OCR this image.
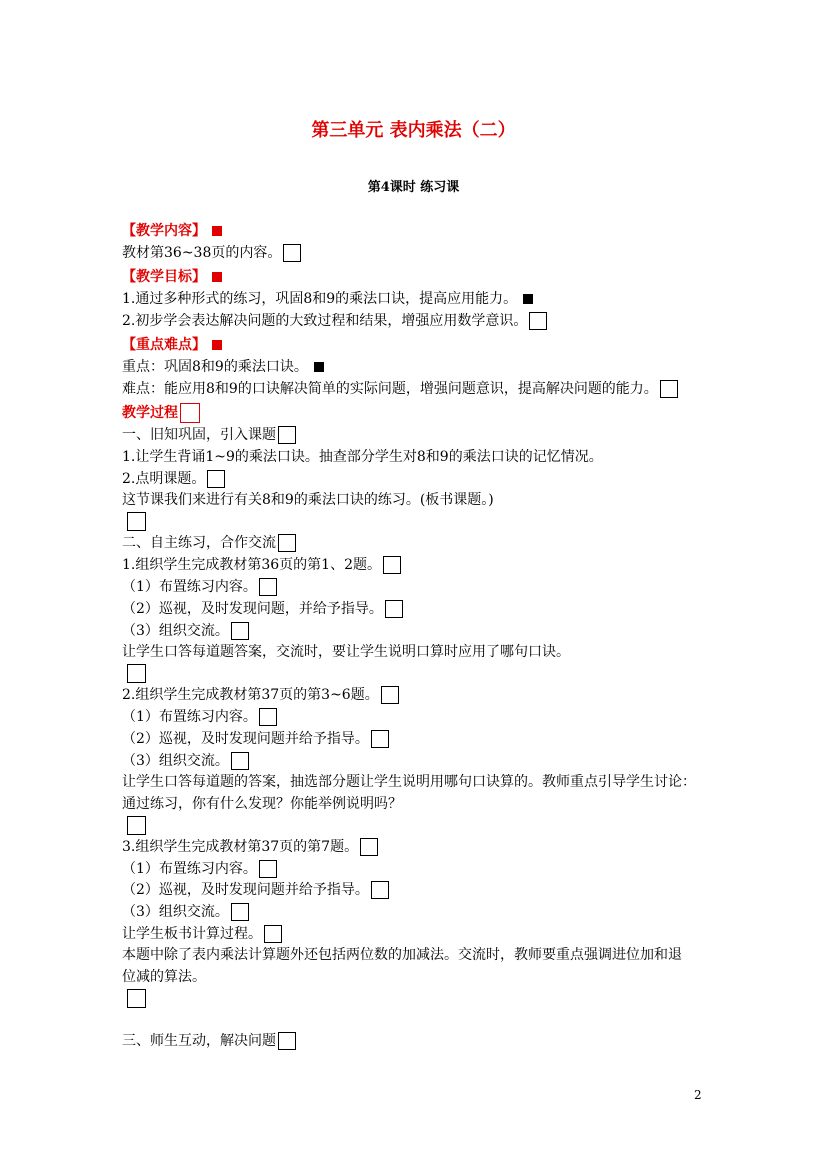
第三单元 表内乘法（二）
第4课时 练习课
【教学内容】
教材第36~38页的内容。
【教学目标】
1.通过多种形式的练习，巩固8和9的乘法口诀，提高应用能力。
2.初步学会表达解决问题的大致过程和结果，增强应用数学意识。
【重点难点】
重点：巩固8和9的乘法口诀。
难点：能应用8和9的口诀解决简单的实际问题，增强问题意识，提高解决问题的能力。
教学过程
一、旧知巩固，引入课题
1.让学生背诵1~9的乘法口诀。抽查部分学生对8和9的乘法口诀的记忆情况。
2.点明课题。
这节课我们来进行有关8和9的乘法口诀的练习。(板书课题。)
二、自主练习，合作交流
1.组织学生完成教材第36页的第1、2题。
（1）布置练习内容。
（2）巡视，及时发现问题，并给予指导。
（3）组织交流。
让学生口答每道题答案，交流时，要让学生说明口算时应用了哪句口诀。
2.组织学生完成教材第37页的第3~6题。
（1）布置练习内容。
（2）巡视，及时发现问题并给予指导。
（3）组织交流。
让学生口答每道题的答案，抽选部分题让学生说明用哪句口诀算的。教师重点引导学生讨论：
通过练习，你有什么发现？你能举例说明吗？
3.组织学生完成教材第37页的第7题。
（1）布置练习内容。
（2）巡视，及时发现问题并给予指导。
（3）组织交流。
让学生板书计算过程。
本题中除了表内乘法计算题外还包括两位数的加减法。交流时，教师要重点强调进位加和退
位减的算法。
三、师生互动，解决问题
2
